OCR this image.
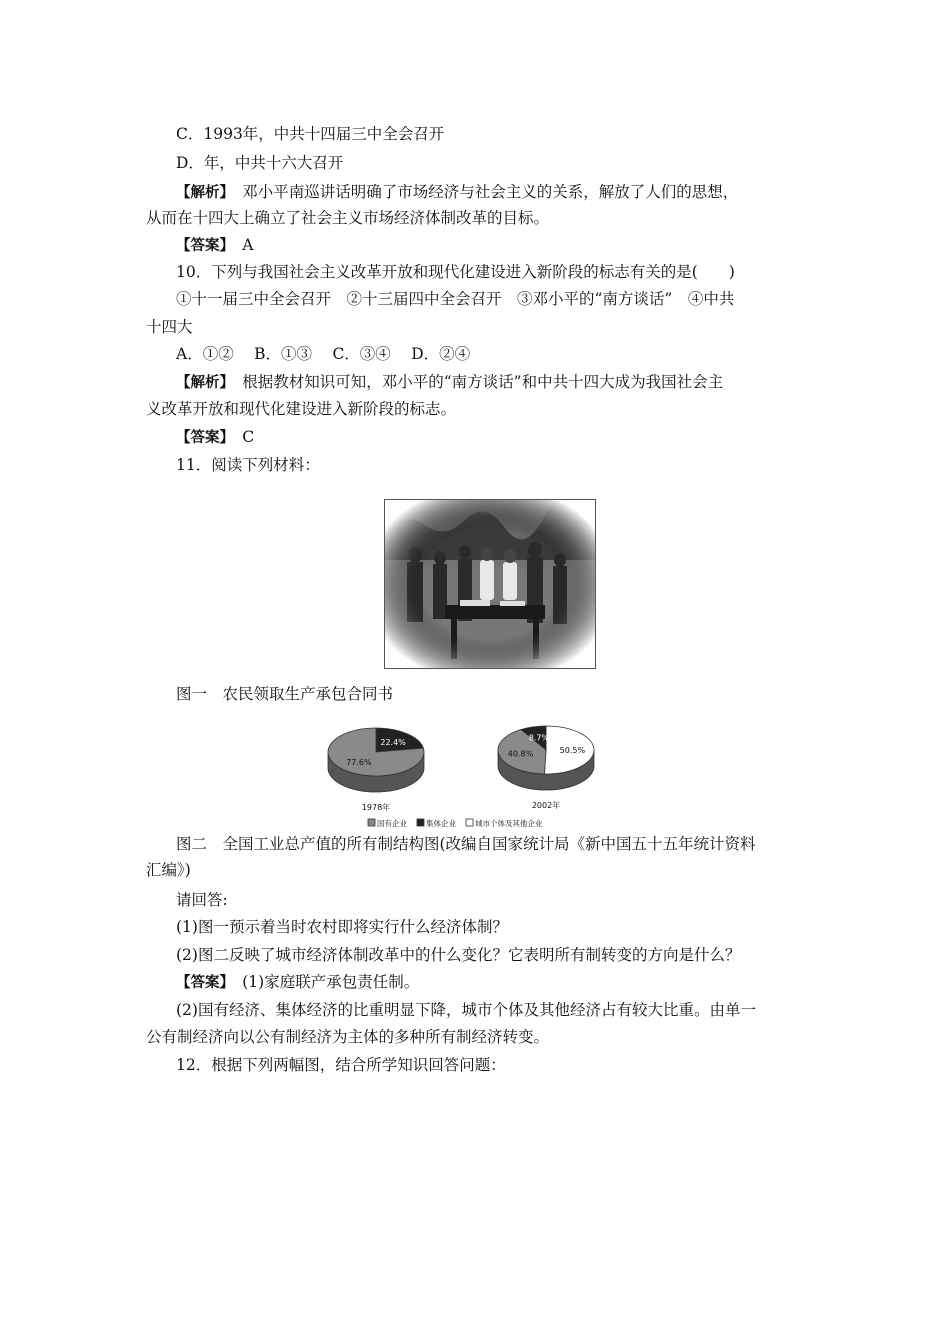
C．1993年，中共十四届三中全会召开
D．年，中共十六大召开
【解析】　邓小平南巡讲话明确了市场经济与社会主义的关系，解放了人们的思想，
从而在十四大上确立了社会主义市场经济体制改革的目标。
【答案】　A
10．下列与我国社会主义改革开放和现代化建设进入新阶段的标志有关的是(　　)
①十一届三中全会召开　②十三届四中全会召开　③邓小平的“南方谈话”　④中共
十四大
A．①②　 B．①③　 C．③④　 D．②④
【解析】　根据教材知识可知，邓小平的“南方谈话”和中共十四大成为我国社会主
义改革开放和现代化建设进入新阶段的标志。
【答案】　C
11．阅读下列材料：
图一　农民领取生产承包合同书
22.4%
77.6%
1978年
50.5%
40.8%
8.7%
2002年
国有企业	集体企业	城市个体及其他企业
图二　全国工业总产值的所有制结构图(改编自国家统计局《新中国五十五年统计资料
汇编》)
请回答:
(1)图一预示着当时农村即将实行什么经济体制？
(2)图二反映了城市经济体制改革中的什么变化？它表明所有制转变的方向是什么？
【答案】　(1)家庭联产承包责任制。
(2)国有经济、集体经济的比重明显下降，城市个体及其他经济占有较大比重。由单一
公有制经济向以公有制经济为主体的多种所有制经济转变。
12．根据下列两幅图，结合所学知识回答问题：
